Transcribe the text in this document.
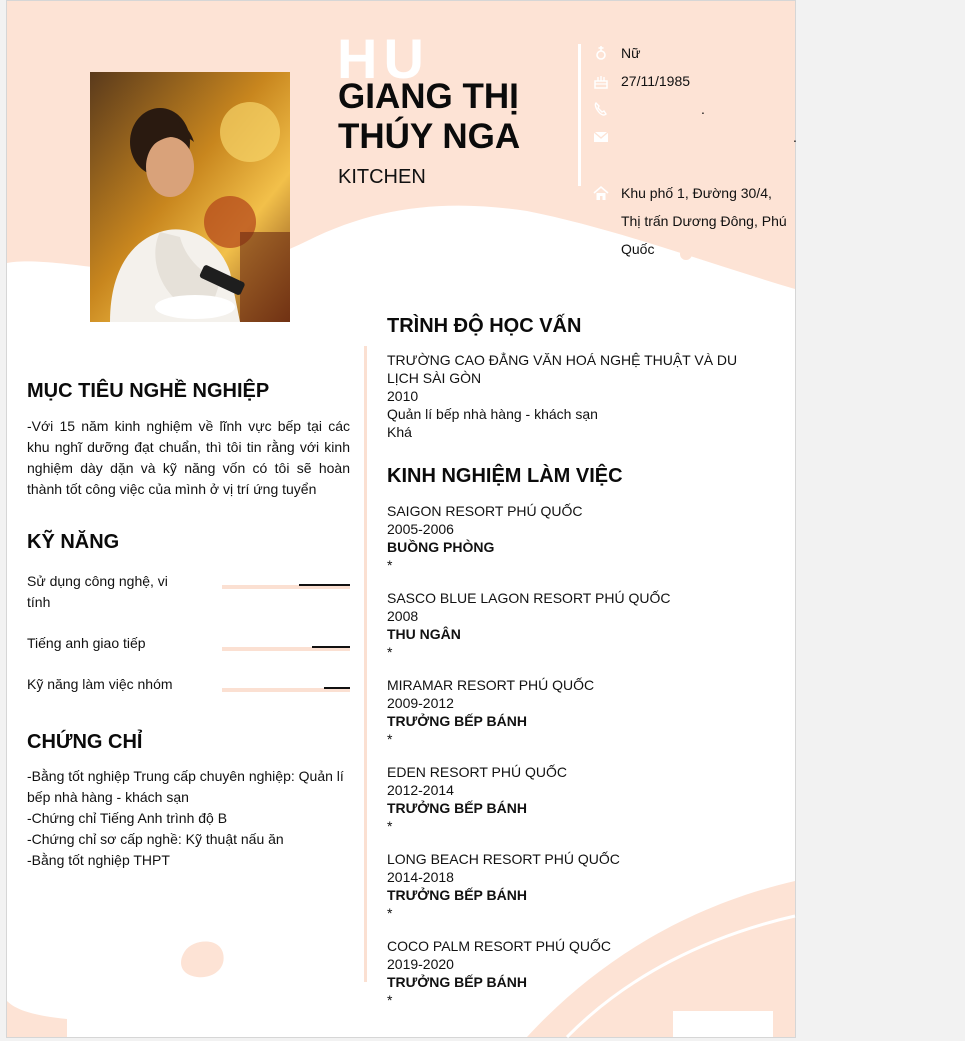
HU
GIANG THỊ THÚY NGA
KITCHEN
Nữ
27/11/1985
.
.
Khu phố 1, Đường 30/4, Thị trấn Dương Đông, Phú Quốc
MỤC TIÊU NGHỀ NGHIỆP
-Với 15 năm kinh nghiệm về lĩnh vực bếp tại các khu nghĩ dưỡng đạt chuẩn, thì tôi tin rằng với kinh nghiệm dày dặn và kỹ năng vốn có tôi sẽ hoàn thành tốt công việc của mình ở vị trí ứng tuyển
KỸ NĂNG
Sử dụng công nghệ, vi tính
Tiếng anh giao tiếp
Kỹ năng làm việc nhóm
CHỨNG CHỈ
-Bằng tốt nghiệp Trung cấp chuyên nghiệp: Quản lí bếp nhà hàng - khách sạn
-Chứng chỉ Tiếng Anh trình độ B
-Chứng chỉ sơ cấp nghề: Kỹ thuật nấu ăn
-Bằng tốt nghiệp THPT
TRÌNH ĐỘ HỌC VẤN
TRƯỜNG CAO ĐẲNG VĂN HOÁ NGHỆ THUẬT VÀ DU LỊCH SÀI GÒN
2010
Quản lí bếp nhà hàng - khách sạn
Khá
KINH NGHIỆM LÀM VIỆC
SAIGON RESORT PHÚ QUỐC
2005-2006
BUỒNG PHÒNG
*
SASCO BLUE LAGON RESORT PHÚ QUỐC
2008
THU NGÂN
*
MIRAMAR RESORT PHÚ QUỐC
2009-2012
TRƯỞNG BẾP BÁNH
*
EDEN RESORT PHÚ QUỐC
2012-2014
TRƯỞNG BẾP BÁNH
*
LONG BEACH RESORT PHÚ QUỐC
2014-2018
TRƯỞNG BẾP BÁNH
*
COCO PALM RESORT PHÚ QUỐC
2019-2020
TRƯỞNG BẾP BÁNH
*
